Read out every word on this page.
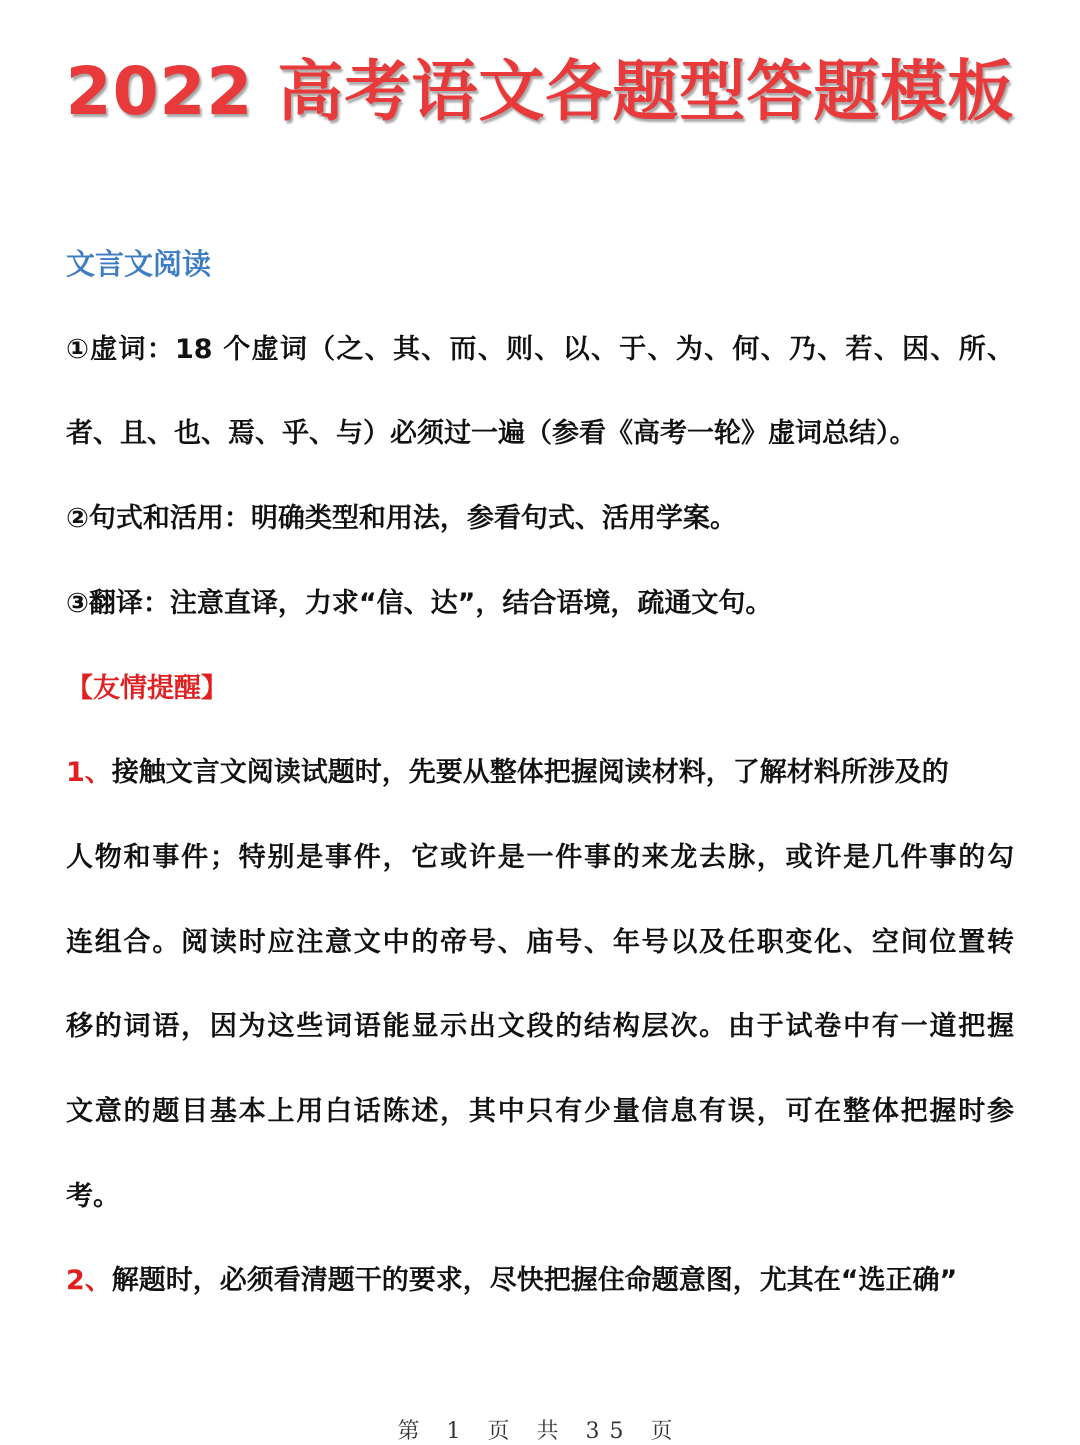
2022 高考语文各题型答题模板
文言文阅读
①虚词：18 个虚词（之、其、而、则、以、于、为、何、乃、若、因、所、
者、且、也、焉、乎、与）必须过一遍（参看《高考一轮》虚词总结）。
②句式和活用：明确类型和用法，参看句式、活用学案。
③翻译：注意直译，力求“信、达”，结合语境，疏通文句。
【友情提醒】
1、接触文言文阅读试题时，先要从整体把握阅读材料，了解材料所涉及的
人物和事件；特别是事件，它或许是一件事的来龙去脉，或许是几件事的勾
连组合。阅读时应注意文中的帝号、庙号、年号以及任职变化、空间位置转
移的词语，因为这些词语能显示出文段的结构层次。由于试卷中有一道把握
文意的题目基本上用白话陈述，其中只有少量信息有误，可在整体把握时参
考。
2、解题时，必须看清题干的要求，尽快把握住命题意图，尤其在“选正确”
第 1 页 共 35 页
